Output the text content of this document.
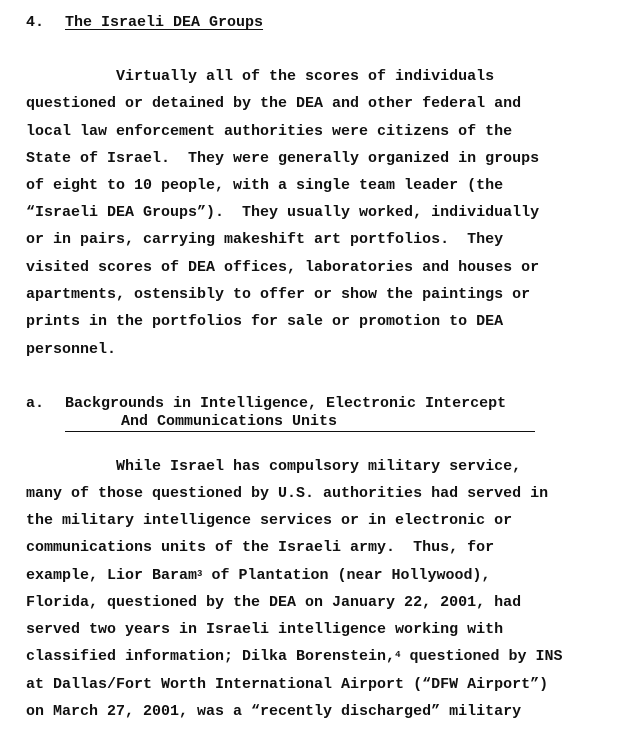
4. The Israeli DEA Groups
Virtually all of the scores of individuals
questioned or detained by the DEA and other federal and
local law enforcement authorities were citizens of the
State of Israel.  They were generally organized in groups
of eight to 10 people, with a single team leader (the
“Israeli DEA Groups”).  They usually worked, individually
or in pairs, carrying makeshift art portfolios.  They
visited scores of DEA offices, laboratories and houses or
apartments, ostensibly to offer or show the paintings or
prints in the portfolios for sale or promotion to DEA
personnel.
a. Backgrounds in Intelligence, Electronic Intercept
And Communications Units
While Israel has compulsory military service,
many of those questioned by U.S. authorities had served in
the military intelligence services or in electronic or
communications units of the Israeli army.  Thus, for
example, Lior Baram$^3$ of Plantation (near Hollywood),
Florida, questioned by the DEA on January 22, 2001, had
served two years in Israeli intelligence working with
classified information; Dilka Borenstein,$^4$ questioned by INS
at Dallas/Fort Worth International Airport (“DFW Airport”)
on March 27, 2001, was a “recently discharged” military
